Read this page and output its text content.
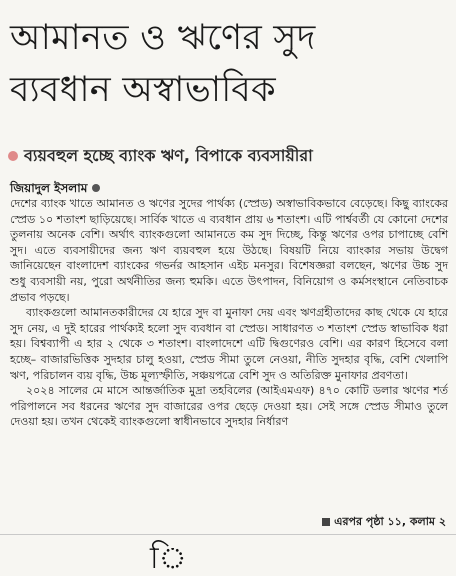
আমানত ও ঋণের সুদ
ব্যবধান অস্বাভাবিক
ব্যয়বহুল হচ্ছে ব্যাংক ঋণ, বিপাকে ব্যবসায়ীরা
জিয়াদুল ইসলাম

দেশের ব্যাংক খাতে আমানত ও ঋণের সুদের পার্থক্য (স্প্রেড) অস্বাভাবিকভাবে বেড়েছে। কিছু ব্যাংকের স্প্রেড ১০ শতাংশ ছাড়িয়েছে। সার্বিক খাতে এ ব্যবধান প্রায় ৬ শতাংশ। এটি পার্শ্ববর্তী যে কোনো দেশের তুলনায় অনেক বেশি। অর্থাৎ ব্যাংকগুলো আমানতে কম সুদ দিচ্ছে, কিন্তু ঋণের ওপর চাপাচ্ছে বেশি সুদ। এতে ব্যবসায়ীদের জন্য ঋণ ব্যয়বহুল হয়ে উঠছে। বিষয়টি নিয়ে ব্যাংকার সভায় উদ্বেগ জানিয়েছেন বাংলাদেশ ব্যাংকের গভর্নর আহসান এইচ মনসুর। বিশেষজ্ঞরা বলছেন, ঋণের উচ্চ সুদ শুধু ব্যবসায়ী নয়, পুরো অর্থনীতির জন্য হুমকি। এতে উৎপাদন, বিনিয়োগ ও কর্মসংস্থানে নেতিবাচক প্রভাব পড়ছে।

ব্যাংকগুলো আমানতকারীদের যে হারে সুদ বা মুনাফা দেয় এবং ঋণগ্রহীতাদের কাছ থেকে যে হারে সুদ নেয়, এ দুই হারের পার্থক্যই হলো সুদ ব্যবধান বা স্প্রেড। সাধারণত ৩ শতাংশ স্প্রেড স্বাভাবিক ধরা হয়। বিশ্বব্যাপী এ হার ২ থেকে ৩ শতাংশ। বাংলাদেশে এটি দ্বিগুণেরও বেশি। এর কারণ হিসেবে বলা হচ্ছে– বাজারভিত্তিক সুদহার চালু হওয়া, স্প্রেড সীমা তুলে নেওয়া, নীতি সুদহার বৃদ্ধি, বেশি খেলাপি ঋণ, পরিচালন ব্যয় বৃদ্ধি, উচ্চ মূল্যস্ফীতি, সঞ্চয়পত্রে বেশি সুদ ও অতিরিক্ত মুনাফার প্রবণতা।

২০২৪ সালের মে মাসে আন্তর্জাতিক মুদ্রা তহবিলের (আইএমএফ) ৪৭০ কোটি ডলার ঋণের শর্ত পরিপালনে সব ধরনের ঋণের সুদ বাজারের ওপর ছেড়ে দেওয়া হয়। সেই সঙ্গে স্প্রেড সীমাও তুলে দেওয়া হয়। তখন থেকেই ব্যাংকগুলো স্বাধীনভাবে সুদহার নির্ধারণ

এরপর পৃষ্ঠা ১১, কলাম ২
ি
